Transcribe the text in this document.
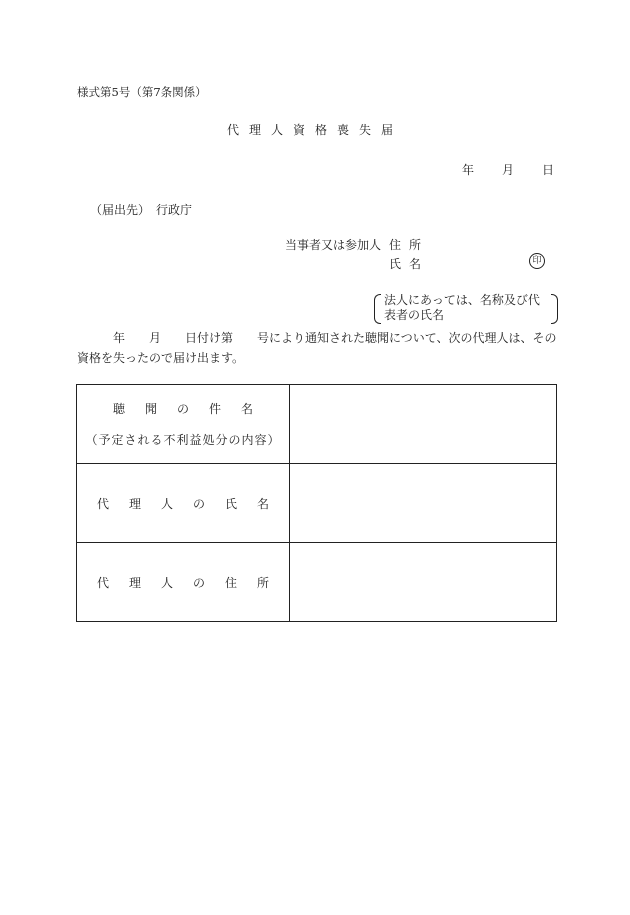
様式第5号（第7条関係）
代理人資格喪失届
年 月 日
（届出先）　行政庁
当事者又は参加人 住所
氏名	印
法人にあっては、名称及び代表者の氏名
年　　月　　日付け第　　号により通知された聴聞について、次の代理人は、その資格を失ったので届け出ます。
聴聞の件名
（予定される不利益処分の内容）	

代理人の氏名	
代理人の住所	
